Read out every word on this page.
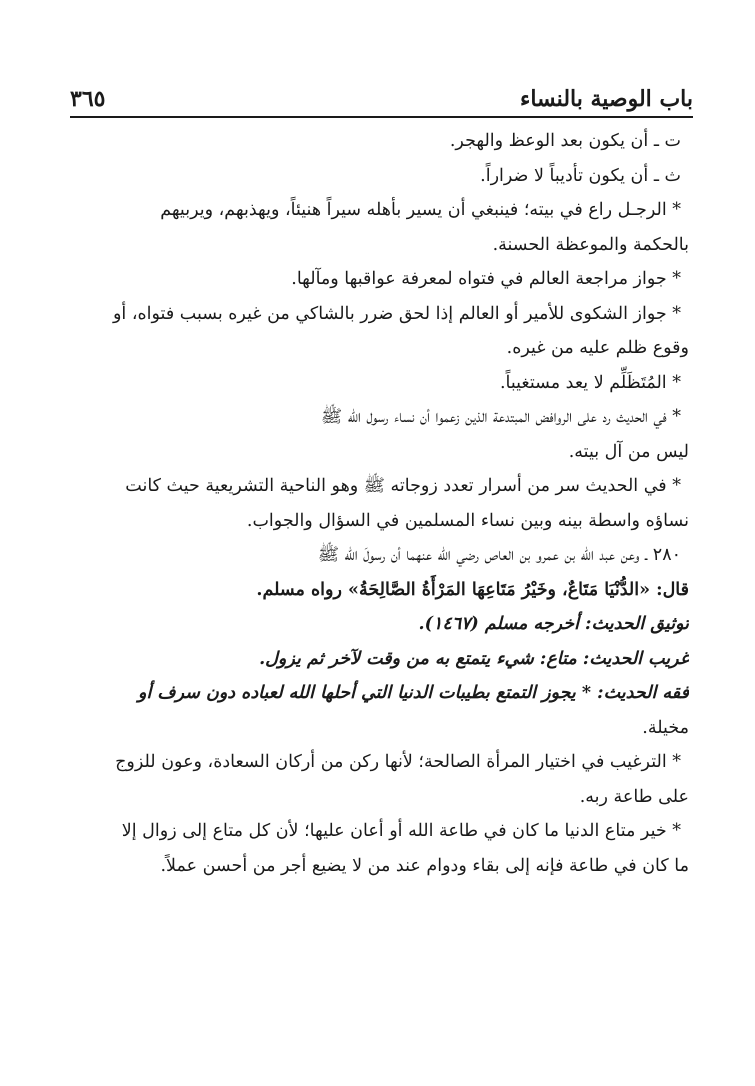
باب الوصية بالنساء
٣٦٥
ت ـ أن يكون بعد الوعظ والهجر.
ث ـ أن يكون تأديباً لا ضراراً.
* الرجـل راع في بيته؛ فينبغي أن يسير بأهله سيراً هنيئاً، ويهذبهم، ويربيهم
بالحكمة والموعظة الحسنة.
* جواز مراجعة العالم في فتواه لمعرفة عواقبها ومآلها.
* جواز الشكوى للأمير أو العالم إذا لحق ضرر بالشاكي من غيره بسبب فتواه، أو
وقوع ظلم عليه من غيره.
* المُتَظَلِّم لا يعد مستغيباً.
* في الحديث رد على الروافض المبتدعة الذين زعموا أن نساء رسول الله ﷺ
ليس من آل بيته.
* في الحديث سر من أسرار تعدد زوجاته ﷺ وهو الناحية التشريعية حيث كانت
نساؤه واسطة بينه وبين نساء المسلمين في السؤال والجواب.
٢٨٠ ـ وعن عبد الله بن عمرو بن العاص رضي الله عنهما أن رسولَ الله ﷺ
قال: «الدُّنْيَا مَتَاعٌ، وخَيْرُ مَتَاعِهَا المَرْأَةُ الصَّالِحَةُ» رواه مسلم.
توثيق الحديث: أخرجه مسلم (١٤٦٧).
غريب الحديث: متاع: شيء يتمتع به من وقت لآخر ثم يزول.
فقه الحديث: * يجوز التمتع بطيبات الدنيا التي أحلها الله لعباده دون سرف أو
مخيلة.
* الترغيب في اختيار المرأة الصالحة؛ لأنها ركن من أركان السعادة، وعون للزوج
على طاعة ربه.
* خير متاع الدنيا ما كان في طاعة الله أو أعان عليها؛ لأن كل متاع إلى زوال إلا
ما كان في طاعة فإنه إلى بقاء ودوام عند من لا يضيع أجر من أحسن عملاً.
